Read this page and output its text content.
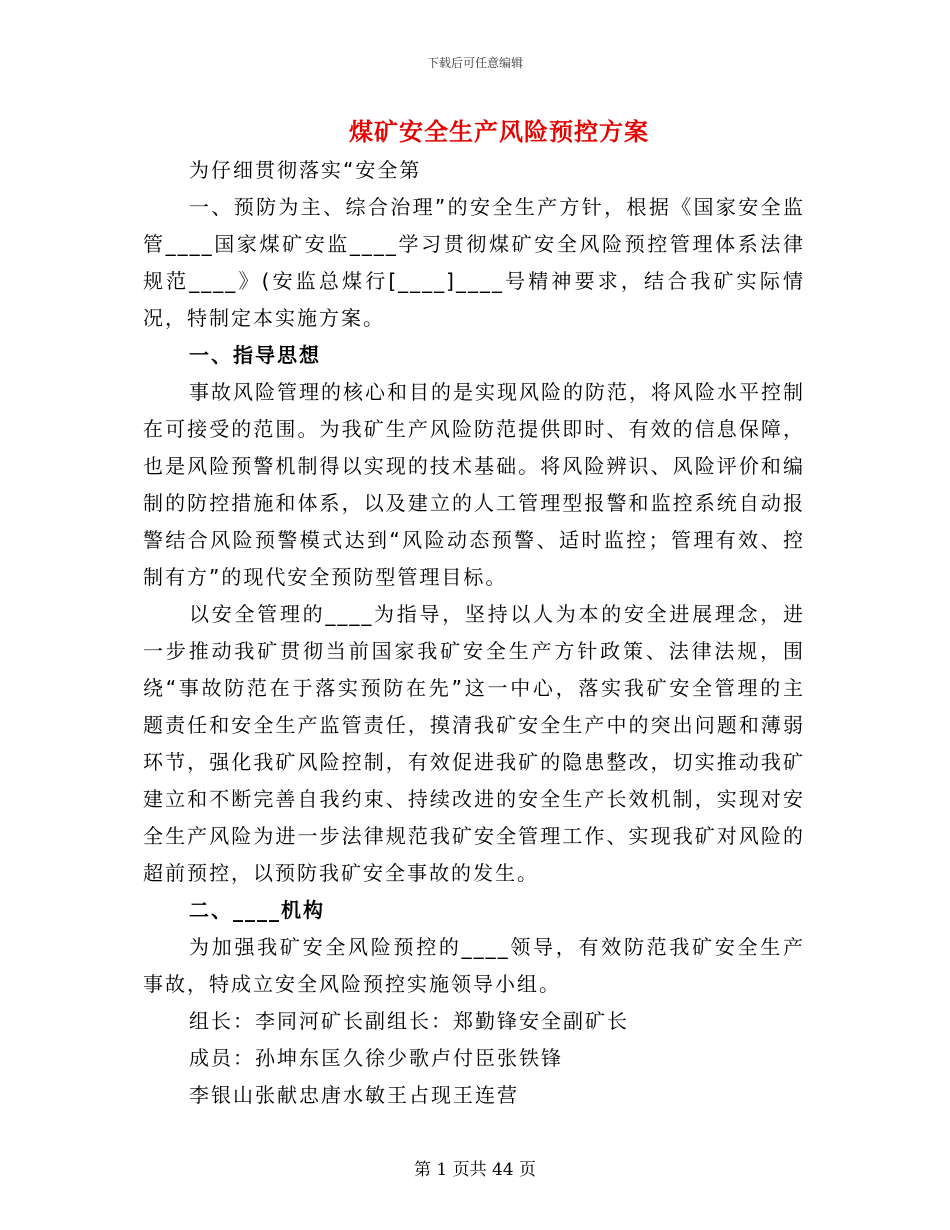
下载后可任意编辑
煤矿安全生产风险预控方案

为仔细贯彻落实“安全第

一、预防为主、综合治理”的安全生产方针，根据《国家安全监管____国家煤矿安监____学习贯彻煤矿安全风险预控管理体系法律规范____》(安监总煤行[____]____号精神要求，结合我矿实际情况，特制定本实施方案。

一、指导思想

事故风险管理的核心和目的是实现风险的防范，将风险水平控制在可接受的范围。为我矿生产风险防范提供即时、有效的信息保障，也是风险预警机制得以实现的技术基础。将风险辨识、风险评价和编制的防控措施和体系，以及建立的人工管理型报警和监控系统自动报警结合风险预警模式达到“风险动态预警、适时监控；管理有效、控制有方”的现代安全预防型管理目标。

以安全管理的____为指导，坚持以人为本的安全进展理念，进一步推动我矿贯彻当前国家我矿安全生产方针政策、法律法规，围绕“事故防范在于落实预防在先”这一中心，落实我矿安全管理的主题责任和安全生产监管责任，摸清我矿安全生产中的突出问题和薄弱环节，强化我矿风险控制，有效促进我矿的隐患整改，切实推动我矿建立和不断完善自我约束、持续改进的安全生产长效机制，实现对安全生产风险为进一步法律规范我矿安全管理工作、实现我矿对风险的超前预控，以预防我矿安全事故的发生。

二、____机构

为加强我矿安全风险预控的____领导，有效防范我矿安全生产事故，特成立安全风险预控实施领导小组。

组长：李同河矿长副组长：郑勤锋安全副矿长

成员：孙坤东匡久徐少歌卢付臣张铁锋

李银山张献忠唐水敏王占现王连营

第 1 页共 44 页
